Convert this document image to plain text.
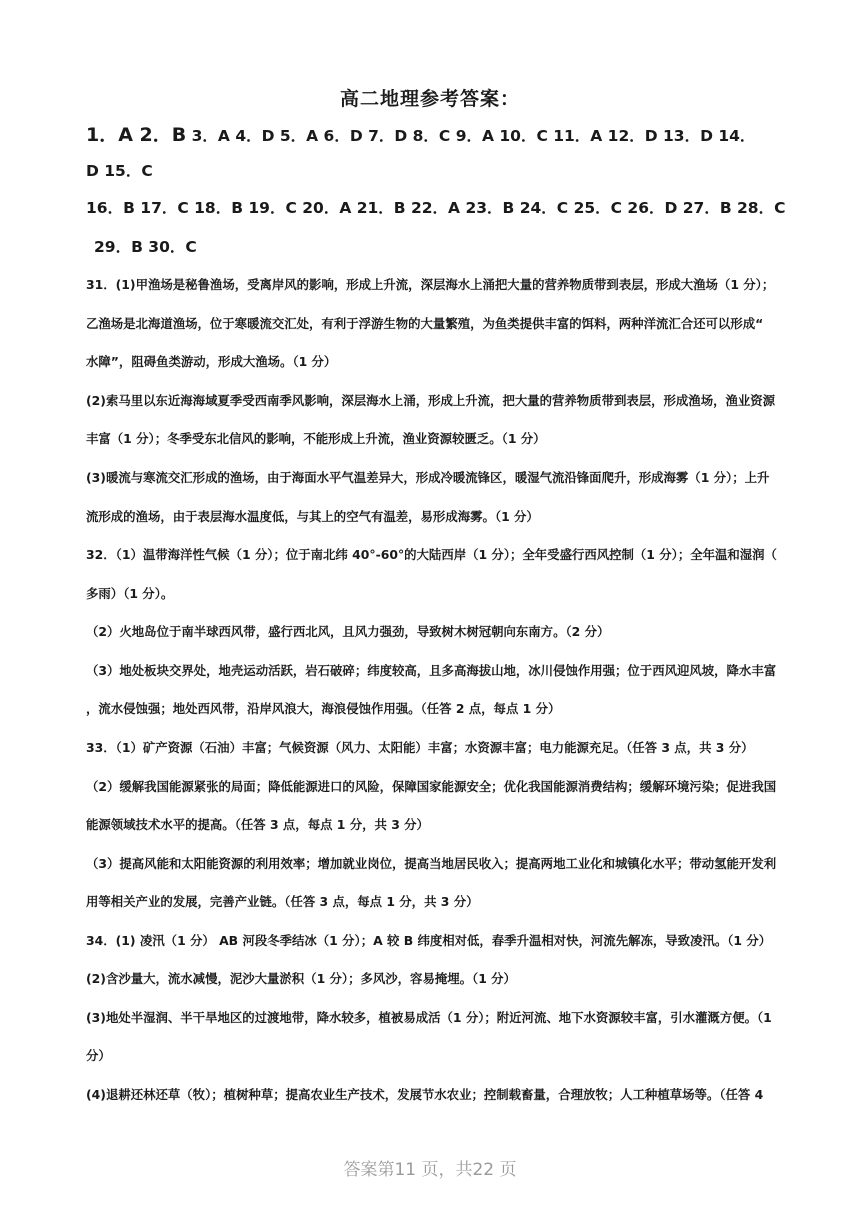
高二地理参考答案：
1．A 2．B 3．A 4．D 5．A 6．D 7．D 8．C 9．A 10．C 11．A 12．D 13．D 14．
D 15．C
16．B 17．C 18．B 19．C 20．A 21．B 22．A 23．B 24．C 25．C 26．D 27．B 28．C
29．B 30．C
31．(1)甲渔场是秘鲁渔场，受离岸风的影响，形成上升流，深层海水上涌把大量的营养物质带到表层，形成大渔场（1 分）；
乙渔场是北海道渔场，位于寒暖流交汇处，有利于浮游生物的大量繁殖，为鱼类提供丰富的饵料，两种洋流汇合还可以形成“
水障”，阻碍鱼类游动，形成大渔场。（1 分）
(2)索马里以东近海海域夏季受西南季风影响，深层海水上涌，形成上升流，把大量的营养物质带到表层，形成渔场，渔业资源
丰富（1 分）；冬季受东北信风的影响，不能形成上升流，渔业资源较匮乏。（1 分）
(3)暖流与寒流交汇形成的渔场，由于海面水平气温差异大，形成冷暖流锋区，暖湿气流沿锋面爬升，形成海雾（1 分）；上升
流形成的渔场，由于表层海水温度低，与其上的空气有温差，易形成海雾。（1 分）
32．（1）温带海洋性气候（1 分）；位于南北纬 40°-60°的大陆西岸（1 分）；全年受盛行西风控制（1 分）；全年温和湿润（
多雨）（1 分）。
（2）火地岛位于南半球西风带，盛行西北风，且风力强劲，导致树木树冠朝向东南方。（2 分）
（3）地处板块交界处，地壳运动活跃，岩石破碎；纬度较高，且多高海拔山地，冰川侵蚀作用强；位于西风迎风坡，降水丰富
，流水侵蚀强；地处西风带，沿岸风浪大，海浪侵蚀作用强。（任答 2 点，每点 1 分）
33．（1）矿产资源（石油）丰富；气候资源（风力、太阳能）丰富；水资源丰富；电力能源充足。（任答 3 点，共 3 分）
（2）缓解我国能源紧张的局面；降低能源进口的风险，保障国家能源安全；优化我国能源消费结构；缓解环境污染；促进我国
能源领域技术水平的提高。（任答 3 点，每点 1 分，共 3 分）
（3）提高风能和太阳能资源的利用效率；增加就业岗位，提高当地居民收入；提高两地工业化和城镇化水平；带动氢能开发利
用等相关产业的发展，完善产业链。（任答 3 点，每点 1 分，共 3 分）
34．(1) 凌汛（1 分） AB 河段冬季结冰（1 分）；A 较 B 纬度相对低，春季升温相对快，河流先解冻，导致凌汛。（1 分）
(2)含沙量大，流水减慢，泥沙大量淤积（1 分）；多风沙，容易掩埋。（1 分）
(3)地处半湿润、半干旱地区的过渡地带，降水较多，植被易成活（1 分）；附近河流、地下水资源较丰富，引水灌溉方便。（1
分）
(4)退耕还林还草（牧）；植树种草；提高农业生产技术，发展节水农业；控制载畜量，合理放牧；人工种植草场等。（任答 4
答案第11 页，共22 页
